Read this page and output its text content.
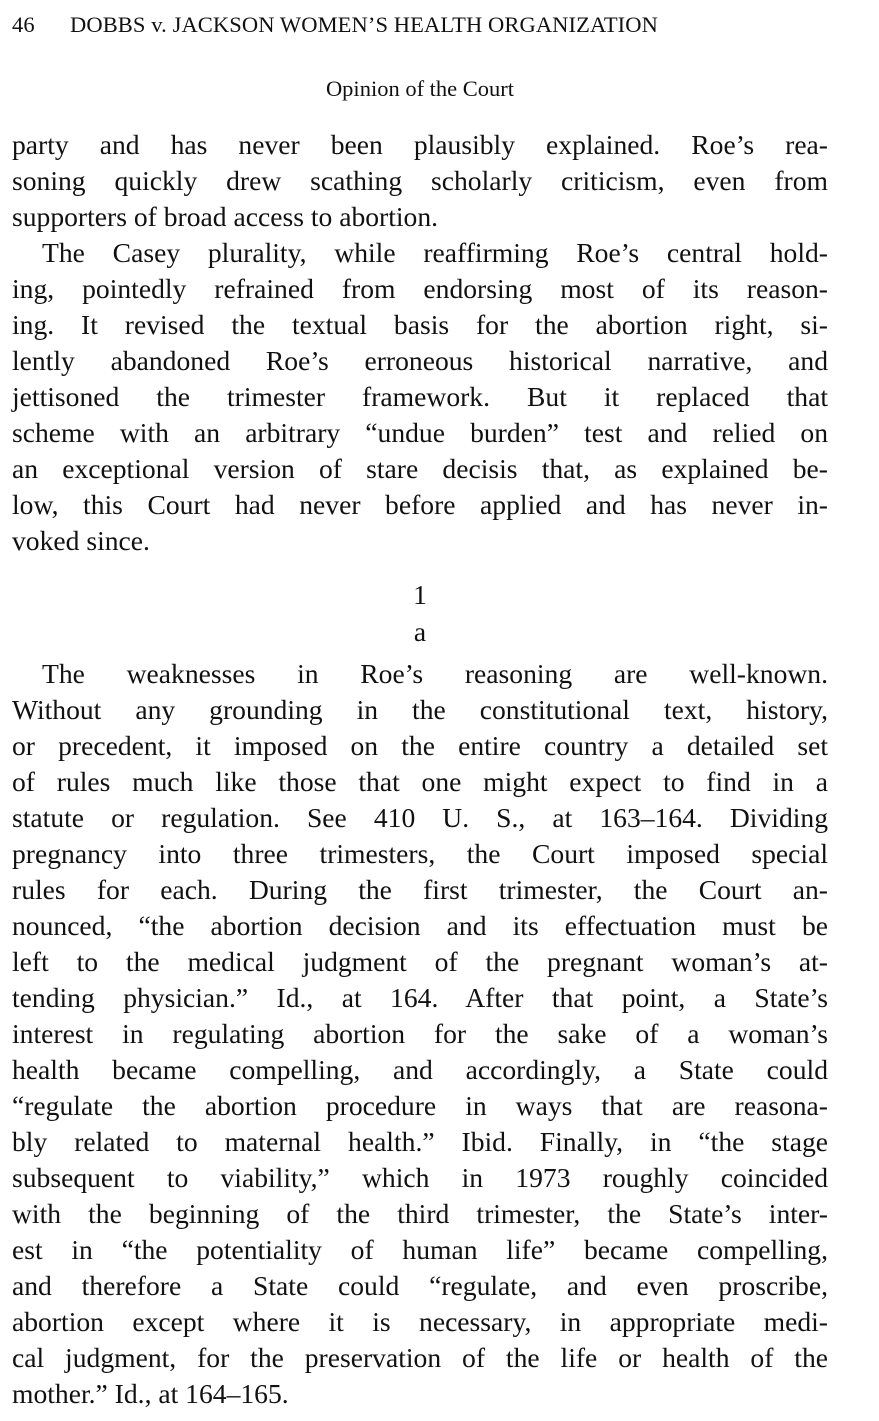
46 DOBBS v. JACKSON WOMEN’S HEALTH ORGANIZATION
Opinion of the Court
party and has never been plausibly explained. Roe’s rea-
soning quickly drew scathing scholarly criticism, even from
supporters of broad access to abortion.
The Casey plurality, while reaffirming Roe’s central hold-
ing, pointedly refrained from endorsing most of its reason-
ing. It revised the textual basis for the abortion right, si-
lently abandoned Roe’s erroneous historical narrative, and
jettisoned the trimester framework. But it replaced that
scheme with an arbitrary “undue burden” test and relied on
an exceptional version of stare decisis that, as explained be-
low, this Court had never before applied and has never in-
voked since.
1
a
The weaknesses in Roe’s reasoning are well-known.
Without any grounding in the constitutional text, history,
or precedent, it imposed on the entire country a detailed set
of rules much like those that one might expect to find in a
statute or regulation. See 410 U. S., at 163–164. Dividing
pregnancy into three trimesters, the Court imposed special
rules for each. During the first trimester, the Court an-
nounced, “the abortion decision and its effectuation must be
left to the medical judgment of the pregnant woman’s at-
tending physician.” Id., at 164. After that point, a State’s
interest in regulating abortion for the sake of a woman’s
health became compelling, and accordingly, a State could
“regulate the abortion procedure in ways that are reasona-
bly related to maternal health.” Ibid. Finally, in “the stage
subsequent to viability,” which in 1973 roughly coincided
with the beginning of the third trimester, the State’s inter-
est in “the potentiality of human life” became compelling,
and therefore a State could “regulate, and even proscribe,
abortion except where it is necessary, in appropriate medi-
cal judgment, for the preservation of the life or health of the
mother.” Id., at 164–165.
